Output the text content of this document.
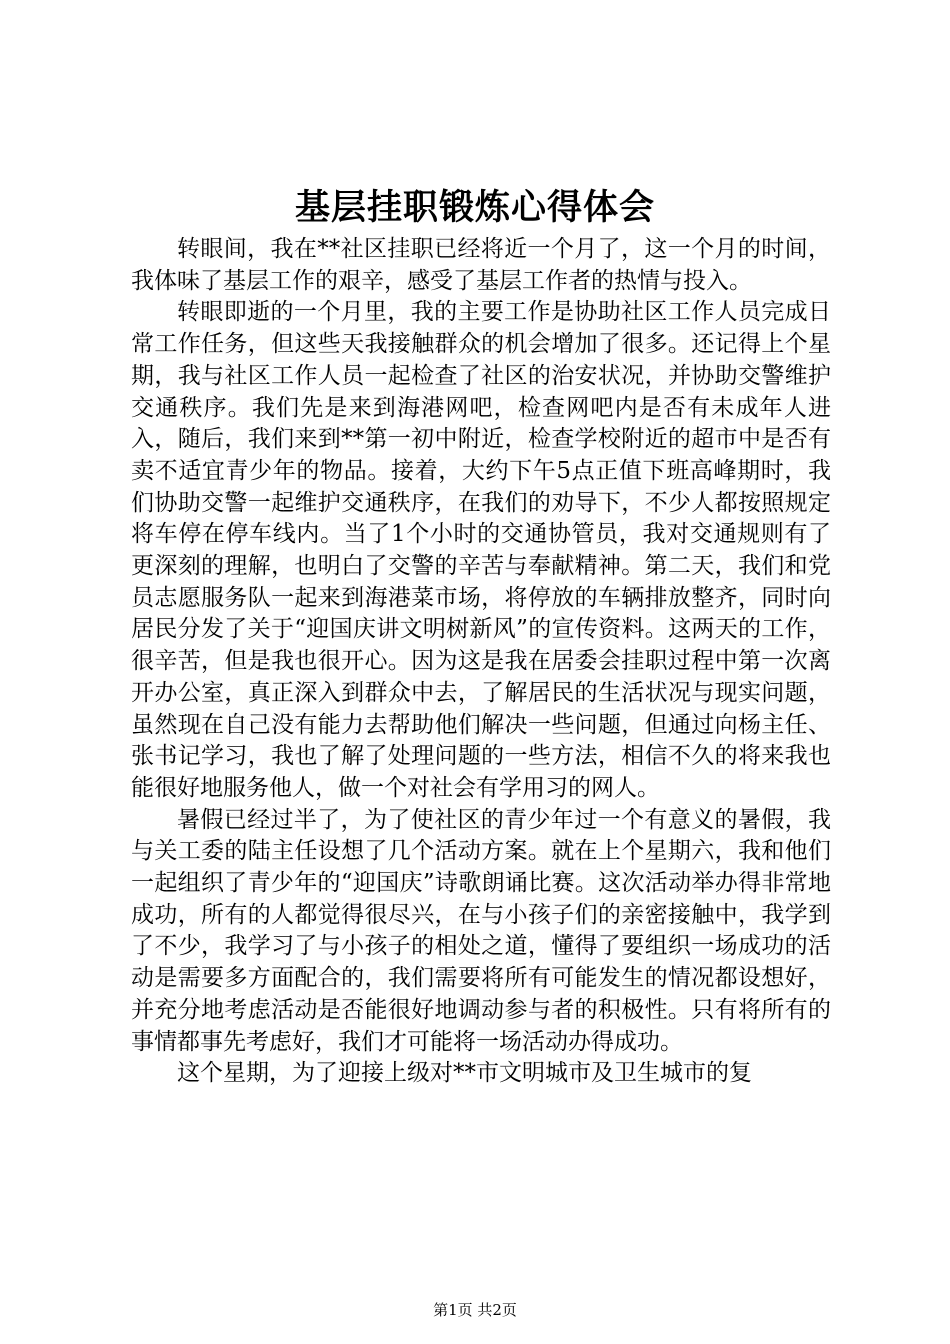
基层挂职锻炼心得体会

转眼间，我在**社区挂职已经将近一个月了，这一个月的时间，我体味了基层工作的艰辛，感受了基层工作者的热情与投入。

转眼即逝的一个月里，我的主要工作是协助社区工作人员完成日常工作任务，但这些天我接触群众的机会增加了很多。还记得上个星期，我与社区工作人员一起检查了社区的治安状况，并协助交警维护交通秩序。我们先是来到海港网吧，检查网吧内是否有未成年人进入，随后，我们来到**第一初中附近，检查学校附近的超市中是否有卖不适宜青少年的物品。接着，大约下午5点正值下班高峰期时，我们协助交警一起维护交通秩序，在我们的劝导下，不少人都按照规定将车停在停车线内。当了1个小时的交通协管员，我对交通规则有了更深刻的理解，也明白了交警的辛苦与奉献精神。第二天，我们和党员志愿服务队一起来到海港菜市场，将停放的车辆排放整齐，同时向居民分发了关于“迎国庆讲文明树新风”的宣传资料。这两天的工作，很辛苦，但是我也很开心。因为这是我在居委会挂职过程中第一次离开办公室，真正深入到群众中去，了解居民的生活状况与现实问题，虽然现在自己没有能力去帮助他们解决一些问题，但通过向杨主任、张书记学习，我也了解了处理问题的一些方法，相信不久的将来我也能很好地服务他人，做一个对社会有学用习的网人。

暑假已经过半了，为了使社区的青少年过一个有意义的暑假，我与关工委的陆主任设想了几个活动方案。就在上个星期六，我和他们一起组织了青少年的“迎国庆”诗歌朗诵比赛。这次活动举办得非常地成功，所有的人都觉得很尽兴，在与小孩子们的亲密接触中，我学到了不少，我学习了与小孩子的相处之道，懂得了要组织一场成功的活动是需要多方面配合的，我们需要将所有可能发生的情况都设想好，并充分地考虑活动是否能很好地调动参与者的积极性。只有将所有的事情都事先考虑好，我们才可能将一场活动办得成功。

这个星期，为了迎接上级对**市文明城市及卫生城市的复

第1页 共2页
